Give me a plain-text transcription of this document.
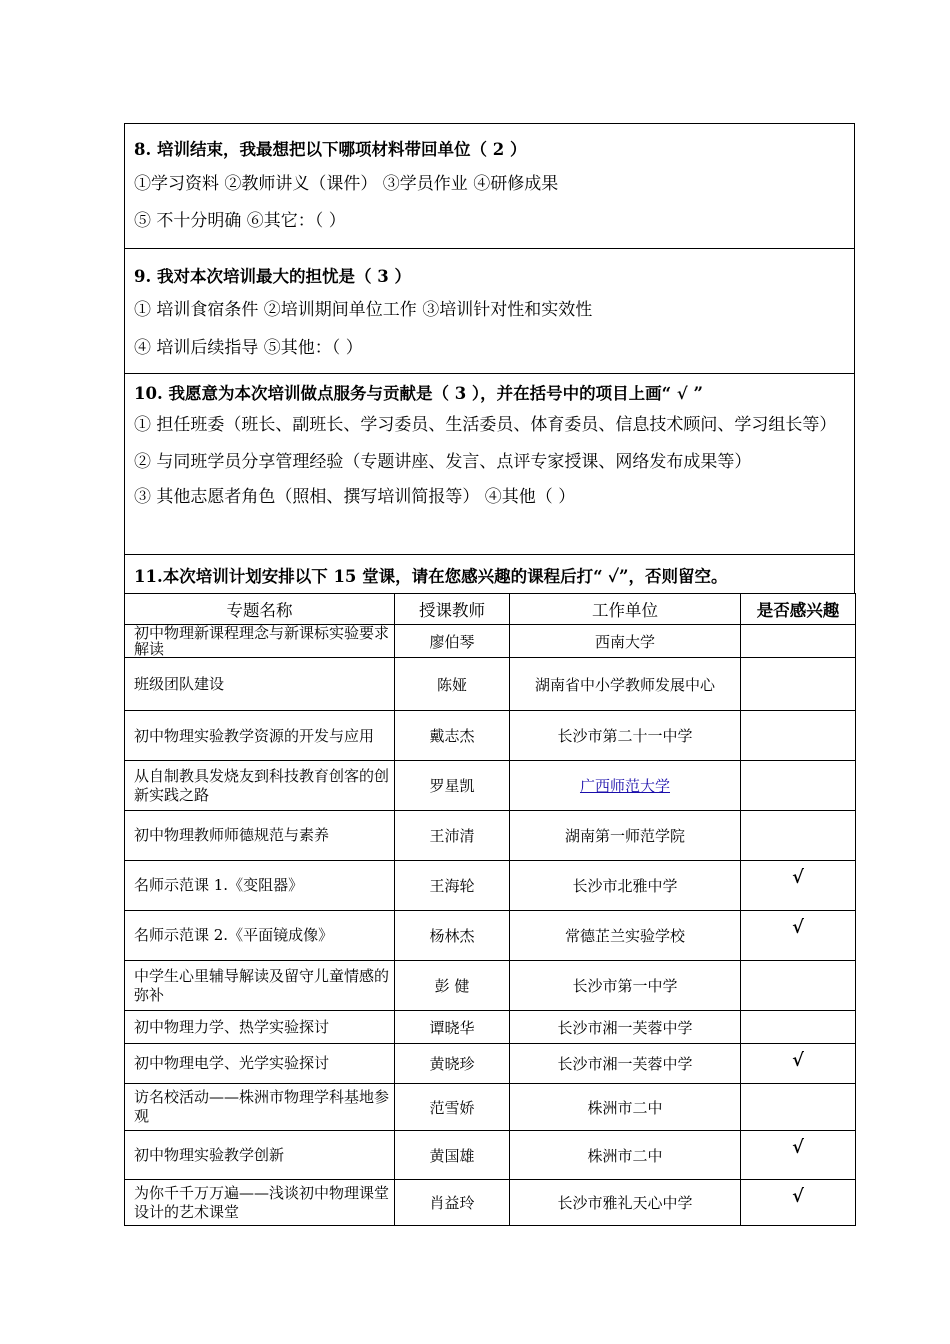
8. 培训结束，我最想把以下哪项材料带回单位（ 2 ）

①学习资料 ②教师讲义（课件） ③学员作业 ④研修成果

⑤ 不十分明确 ⑥其它：（ ）

9. 我对本次培训最大的担忧是（ 3 ）

① 培训食宿条件 ②培训期间单位工作 ③培训针对性和实效性

④ 培训后续指导 ⑤其他：（ ）

10. 我愿意为本次培训做点服务与贡献是（ 3 ），并在括号中的项目上画“ √ ”

① 担任班委（班长、副班长、学习委员、生活委员、体育委员、信息技术顾问、学习组长等）

② 与同班学员分享管理经验（专题讲座、发言、点评专家授课、网络发布成果等）

③ 其他志愿者角色（照相、撰写培训简报等） ④其他（ ）

11.本次培训计划安排以下 15 堂课，请在您感兴趣的课程后打“ ✓”，否则留空。

专题名称	授课教师	工作单位	是否感兴趣
初中物理新课程理念与新课标实验要求解读	廖伯琴	西南大学	
班级团队建设	陈娅	湖南省中小学教师发展中心	
初中物理实验教学资源的开发与应用	戴志杰	长沙市第二十一中学	
从自制教具发烧友到科技教育创客的创新实践之路	罗星凯	广西师范大学	
初中物理教师师德规范与素养	王沛清	湖南第一师范学院	
名师示范课 1.《变阻器》	王海轮	长沙市北雅中学	√
名师示范课 2.《平面镜成像》	杨林杰	常德芷兰实验学校	√
中学生心里辅导解读及留守儿童情感的弥补	彭 健	长沙市第一中学	
初中物理力学、热学实验探讨	谭晓华	长沙市湘一芙蓉中学	
初中物理电学、光学实验探讨	黄晓珍	长沙市湘一芙蓉中学	√
访名校活动——株洲市物理学科基地参观	范雪娇	株洲市二中	
初中物理实验教学创新	黄国雄	株洲市二中	√
为你千千万万遍——浅谈初中物理课堂设计的艺术课堂	肖益玲	长沙市雅礼天心中学	√
